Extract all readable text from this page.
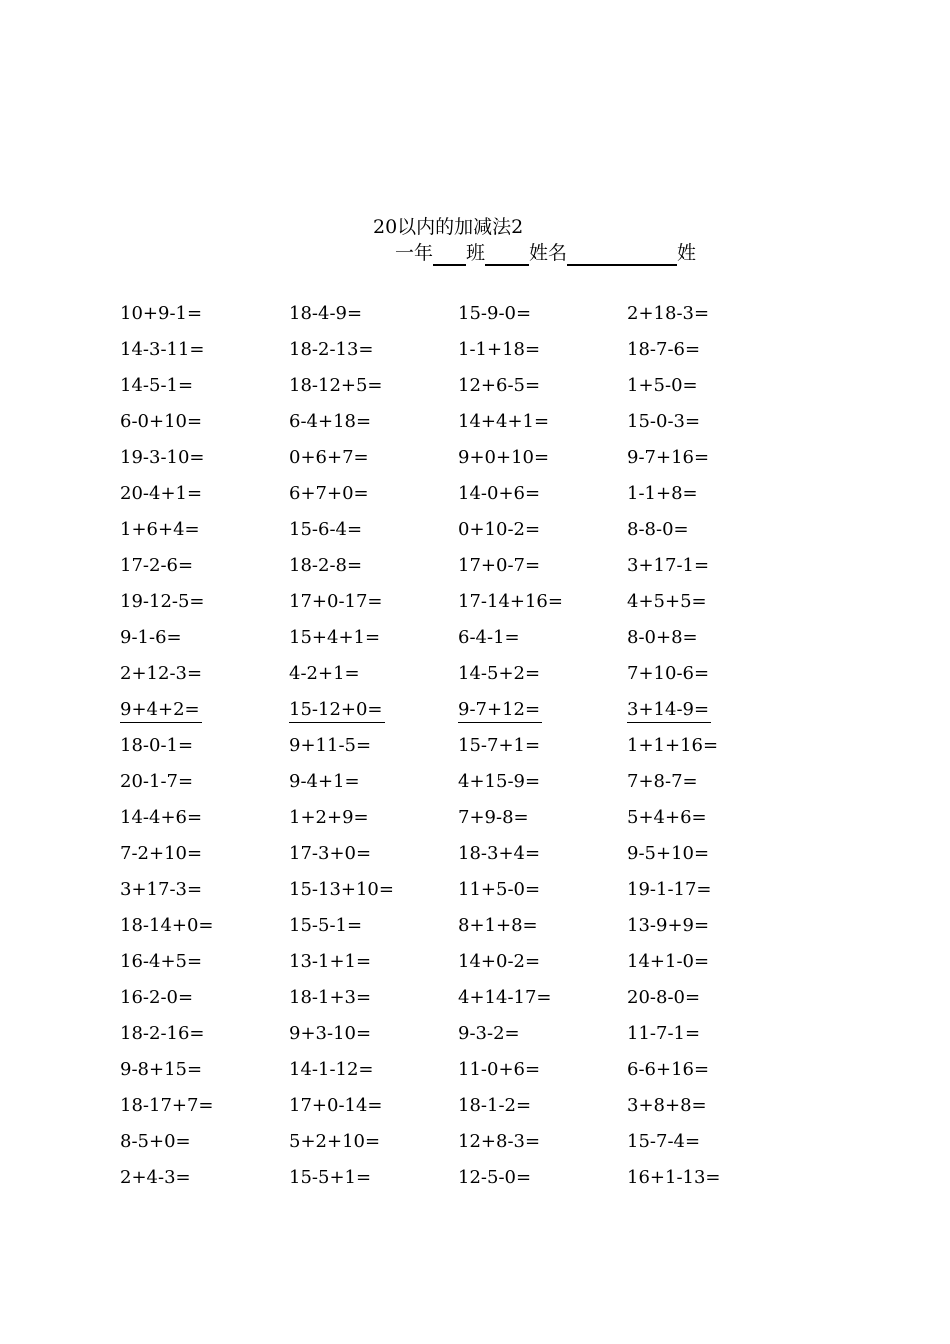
20以内的加减法2
一年 班 姓名	姓
10+9-1=	18-4-9=	15-9-0=	2+18-3=
14-3-11=	18-2-13=	1-1+18=	18-7-6=
14-5-1=	18-12+5=	12+6-5=	1+5-0=
6-0+10=	6-4+18=	14+4+1=	15-0-3=
19-3-10=	0+6+7=	9+0+10=	9-7+16=
20-4+1=	6+7+0=	14-0+6=	1-1+8=
1+6+4=	15-6-4=	0+10-2=	8-8-0=
17-2-6=	18-2-8=	17+0-7=	3+17-1=
19-12-5=	17+0-17=	17-14+16=	4+5+5=
9-1-6=	15+4+1=	6-4-1=	8-0+8=
2+12-3=	4-2+1=	14-5+2=	7+10-6=
9+4+2=	15-12+0=	9-7+12=	3+14-9=
18-0-1=	9+11-5=	15-7+1=	1+1+16=
20-1-7=	9-4+1=	4+15-9=	7+8-7=
14-4+6=	1+2+9=	7+9-8=	5+4+6=
7-2+10=	17-3+0=	18-3+4=	9-5+10=
3+17-3=	15-13+10=	11+5-0=	19-1-17=
18-14+0=	15-5-1=	8+1+8=	13-9+9=
16-4+5=	13-1+1=	14+0-2=	14+1-0=
16-2-0=	18-1+3=	4+14-17=	20-8-0=
18-2-16=	9+3-10=	9-3-2=	11-7-1=
9-8+15=	14-1-12=	11-0+6=	6-6+16=
18-17+7=	17+0-14=	18-1-2=	3+8+8=
8-5+0=	5+2+10=	12+8-3=	15-7-4=
2+4-3=	15-5+1=	12-5-0=	16+1-13=
